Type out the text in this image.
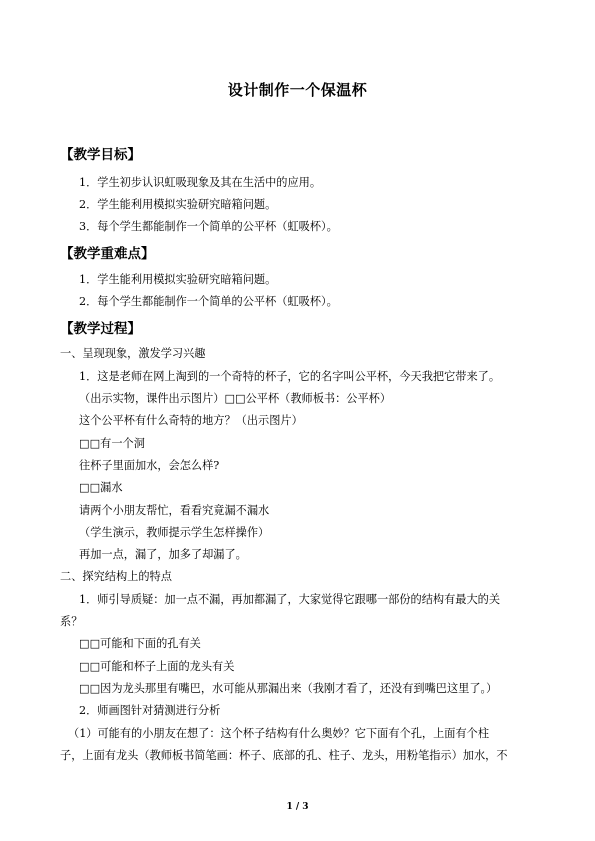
设计制作一个保温杯
【教学目标】
1．学生初步认识虹吸现象及其在生活中的应用。
2．学生能利用模拟实验研究暗箱问题。
3．每个学生都能制作一个简单的公平杯（虹吸杯）。
【教学重难点】
1．学生能利用模拟实验研究暗箱问题。
2．每个学生都能制作一个简单的公平杯（虹吸杯）。
【教学过程】
一、呈现现象，激发学习兴趣
1．这是老师在网上淘到的一个奇特的杯子，它的名字叫公平杯，今天我把它带来了。
（出示实物，课件出示图片）□□公平杯（教师板书：公平杯）
这个公平杯有什么奇特的地方？（出示图片）
□□有一个洞
往杯子里面加水，会怎么样?
□□漏水
请两个小朋友帮忙，看看究竟漏不漏水
（学生演示，教师提示学生怎样操作）
再加一点，漏了，加多了却漏了。
二、探究结构上的特点
1．师引导质疑：加一点不漏，再加都漏了，大家觉得它跟哪一部份的结构有最大的关
系？
□□可能和下面的孔有关
□□可能和杯子上面的龙头有关
□□因为龙头那里有嘴巴，水可能从那漏出来（我刚才看了，还没有到嘴巴这里了。）
2．师画图针对猜测进行分析
（1）可能有的小朋友在想了：这个杯子结构有什么奥妙？它下面有个孔，上面有个柱
子，上面有龙头（教师板书简笔画：杯子、底部的孔、柱子、龙头，用粉笔指示）加水，不
1 / 3
